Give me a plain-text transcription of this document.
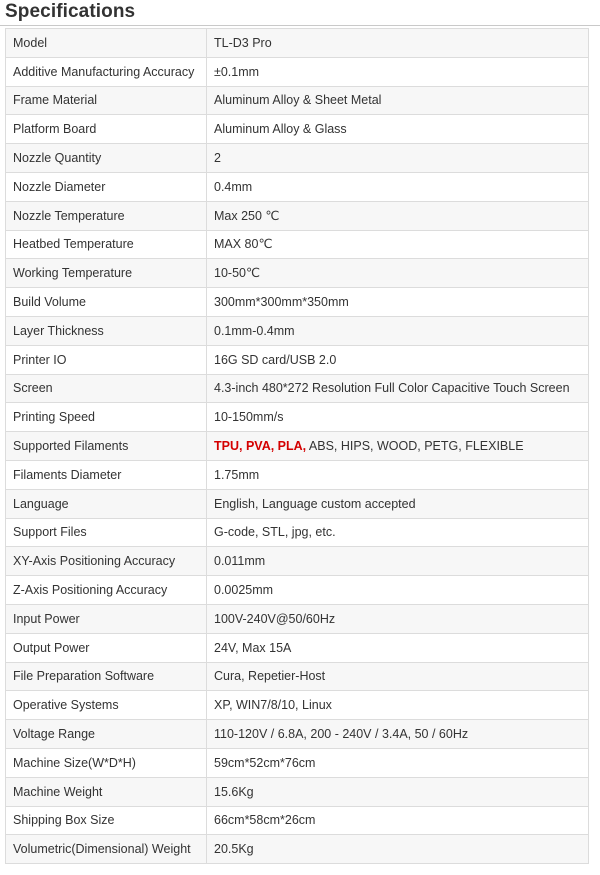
Specifications
Model	TL-D3 Pro
Additive Manufacturing Accuracy	±0.1mm
Frame Material	Aluminum Alloy & Sheet Metal
Platform Board	Aluminum Alloy & Glass
Nozzle Quantity	2
Nozzle Diameter	0.4mm
Nozzle Temperature	Max 250 ℃
Heatbed Temperature	MAX 80℃
Working Temperature	10-50℃
Build Volume	300mm*300mm*350mm
Layer Thickness	0.1mm-0.4mm
Printer IO	16G SD card/USB 2.0
Screen	4.3-inch 480*272 Resolution Full Color Capacitive Touch Screen
Printing Speed	10-150mm/s
Supported Filaments	TPU, PVA, PLA, ABS, HIPS, WOOD, PETG, FLEXIBLE
Filaments Diameter	1.75mm
Language	English, Language custom accepted
Support Files	G-code, STL, jpg, etc.
XY-Axis Positioning Accuracy	0.011mm
Z-Axis Positioning Accuracy	0.0025mm
Input Power	100V-240V@50/60Hz
Output Power	24V, Max 15A
File Preparation Software	Cura, Repetier-Host
Operative Systems	XP, WIN7/8/10, Linux
Voltage Range	110-120V / 6.8A, 200 - 240V / 3.4A, 50 / 60Hz
Machine Size(W*D*H)	59cm*52cm*76cm
Machine Weight	15.6Kg
Shipping Box Size	66cm*58cm*26cm
Volumetric(Dimensional) Weight	20.5Kg
